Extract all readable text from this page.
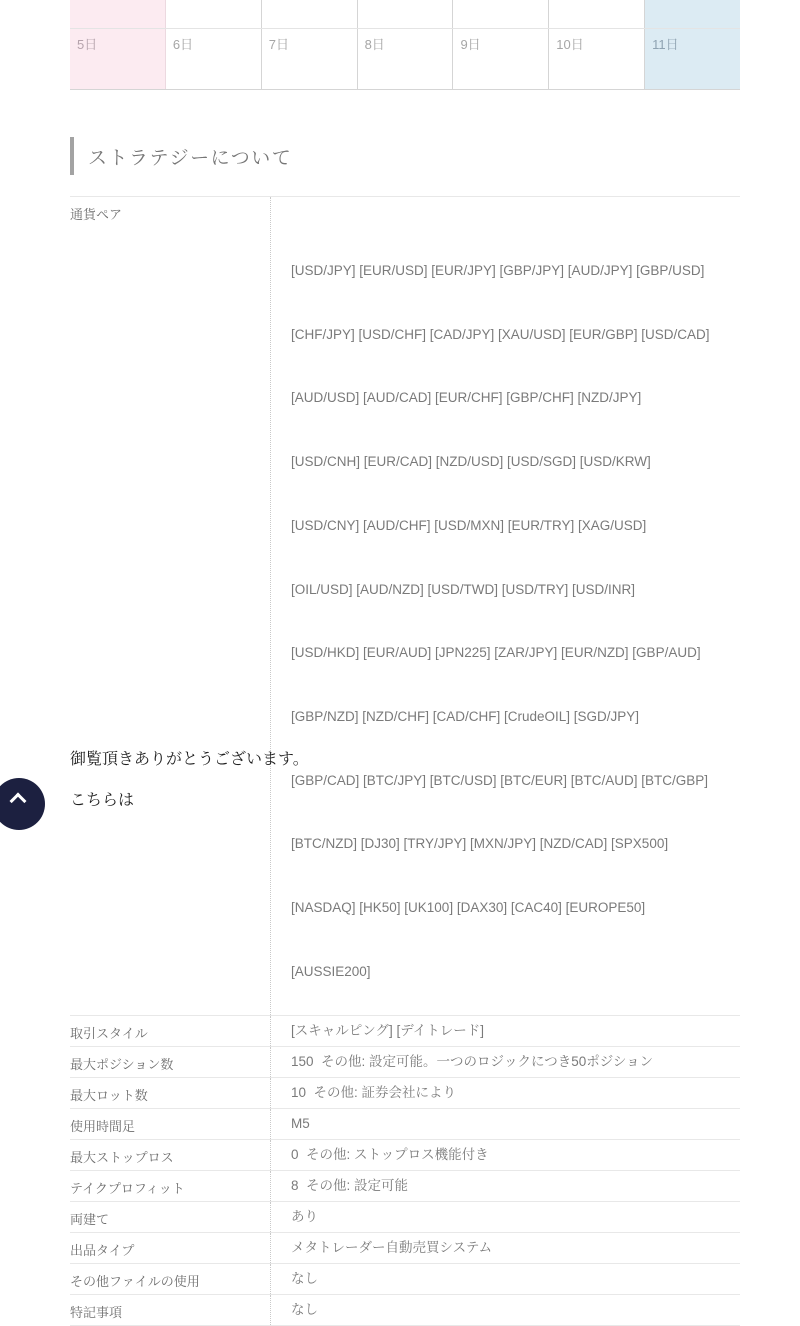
5日	6日	7日	8日	9日	10日	11日
ストラテジーについて
通貨ペア

[USD/JPY] [EUR/USD] [EUR/JPY] [GBP/JPY] [AUD/JPY] [GBP/USD]

[CHF/JPY] [USD/CHF] [CAD/JPY] [XAU/USD] [EUR/GBP] [USD/CAD]

[AUD/USD] [AUD/CAD] [EUR/CHF] [GBP/CHF] [NZD/JPY]

[USD/CNH] [EUR/CAD] [NZD/USD] [USD/SGD] [USD/KRW]

[USD/CNY] [AUD/CHF] [USD/MXN] [EUR/TRY] [XAG/USD]

[OIL/USD] [AUD/NZD] [USD/TWD] [USD/TRY] [USD/INR]

[USD/HKD] [EUR/AUD] [JPN225] [ZAR/JPY] [EUR/NZD] [GBP/AUD]

[GBP/NZD] [NZD/CHF] [CAD/CHF] [CrudeOIL] [SGD/JPY]

[GBP/CAD] [BTC/JPY] [BTC/USD] [BTC/EUR] [BTC/AUD] [BTC/GBP]

[BTC/NZD] [DJ30] [TRY/JPY] [MXN/JPY] [NZD/CAD] [SPX500]

[NASDAQ] [HK50] [UK100] [DAX30] [CAC40] [EUROPE50]

[AUSSIE200]

取引スタイル	[スキャルピング] [デイトレード]
最大ポジション数	150  その他: 設定可能。一つのロジックにつき50ポジション
最大ロット数	10  その他: 証券会社により
使用時間足	M5
最大ストップロス	0  その他: ストップロス機能付き
テイクプロフィット	8  その他: 設定可能
両建て	あり
出品タイプ	メタトレーダー自動売買システム
その他ファイルの使用	なし
特記事項	なし
御覧頂きありがとうございます。
こちらは
